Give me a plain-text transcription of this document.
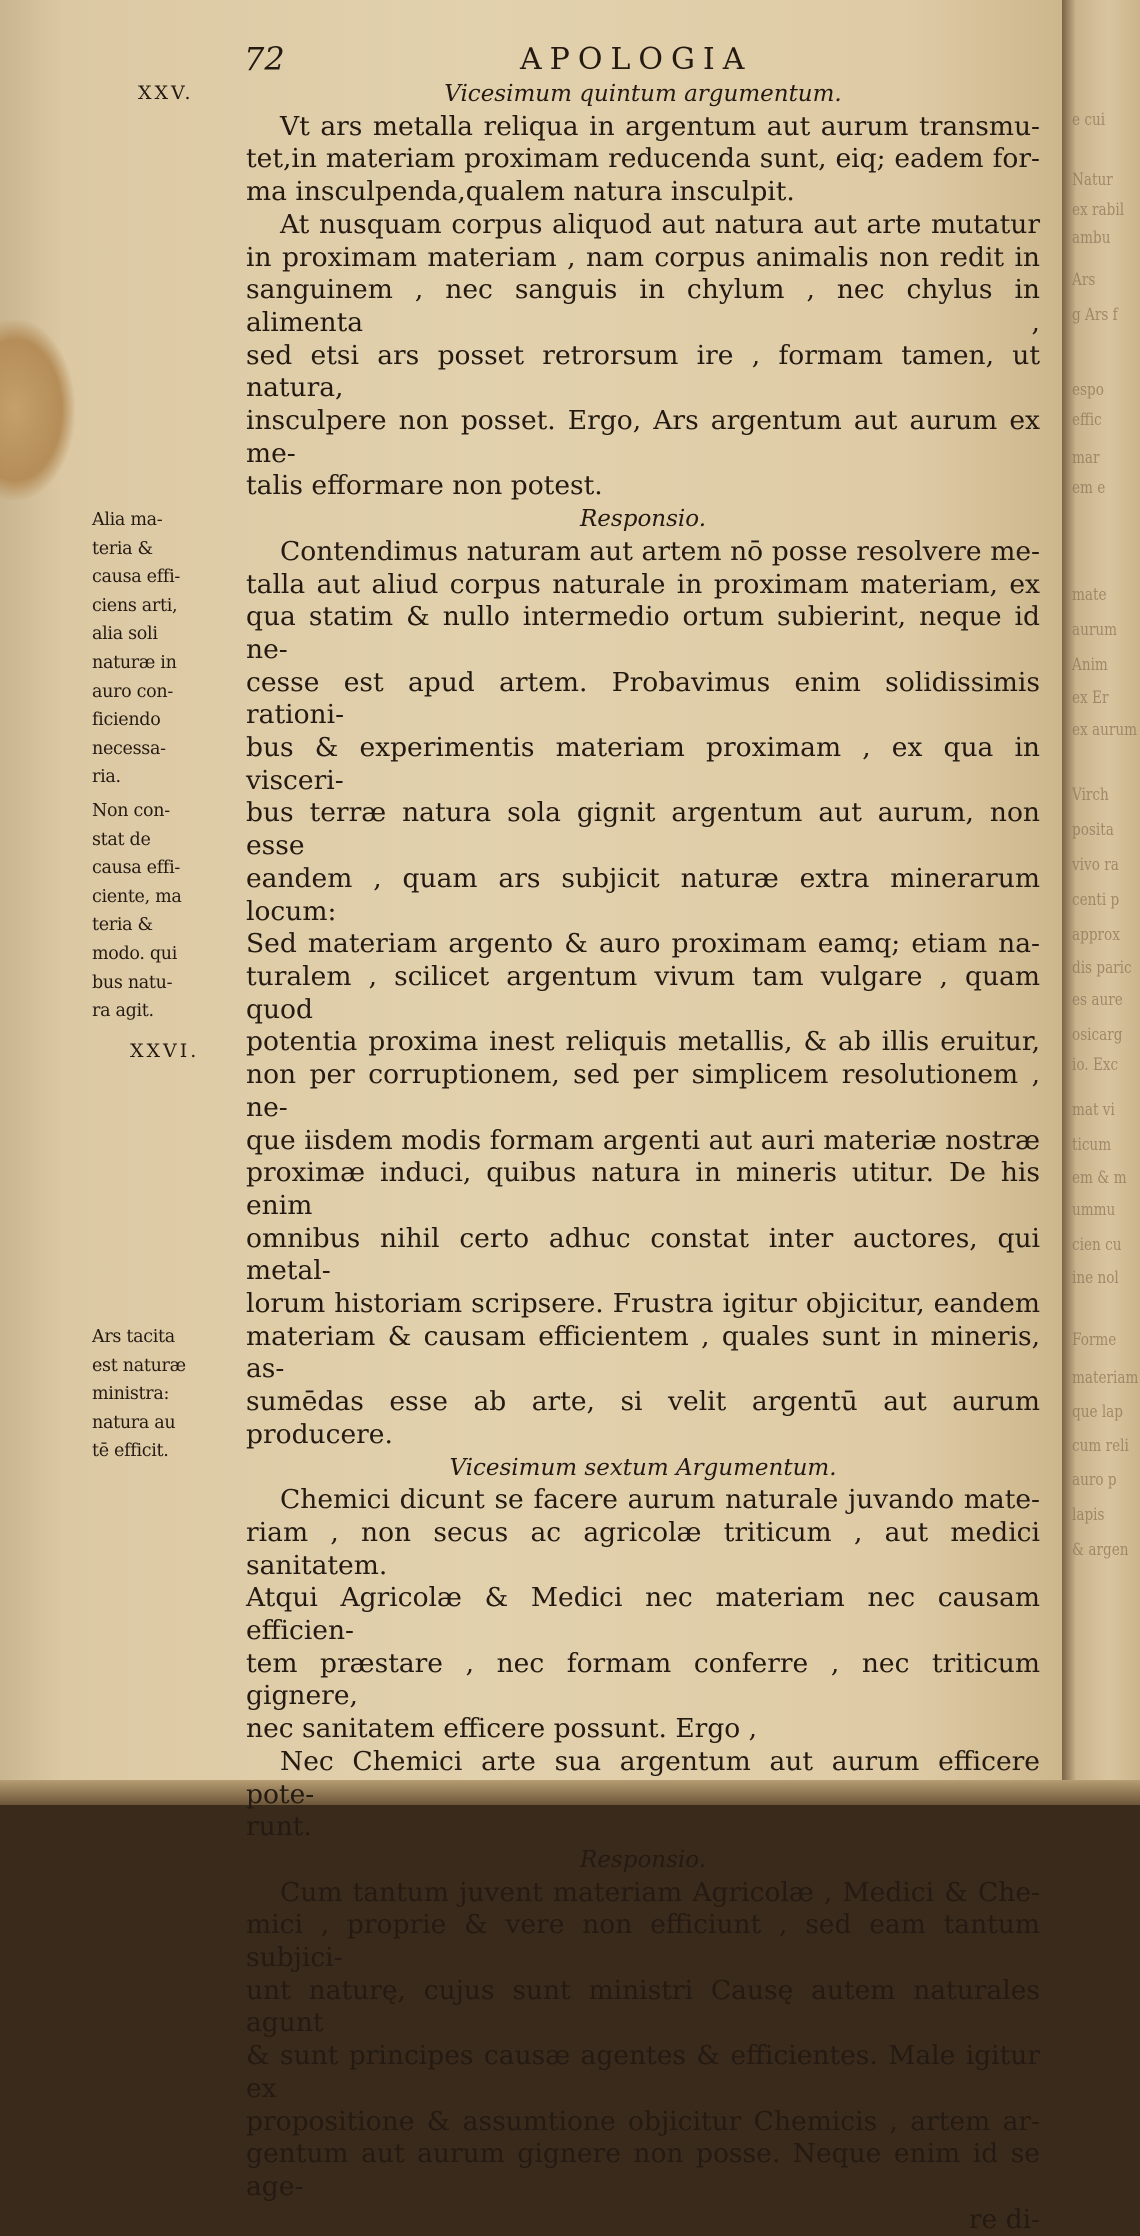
e cui
Natur
ex rabil
ambu
Ars
g Ars f
espo
effic
mar
em e
mate
aurum
Anim
ex Er
ex aurum
Virch
posita
vivo ra
centi p
approx
dis paric
es aure
osicarg
io. Exc
mat vi
ticum
em & m
ummu
cien cu
ine nol
Forme
materiam
que lap
cum reli
auro p
lapis
& argen
72	APOLOGIA
XXV.	Vicesimum quintum argumentum.

Vt ars metalla reliqua in argentum aut aurum transmu-

tet,in materiam proximam reducenda sunt, eiq; eadem for-

ma insculpenda,qualem natura insculpit.

At nusquam corpus aliquod aut natura aut arte mutatur

in proximam materiam , nam corpus animalis non redit in

sanguinem , nec sanguis in chylum , nec chylus in alimenta ,

sed etsi ars posset retrorsum ire , formam tamen, ut natura,

insculpere non posset. Ergo, Ars argentum aut aurum ex me-

talis efformare non potest.

Responsio.

Contendimus naturam aut artem nō posse resolvere me-

talla aut aliud corpus naturale in proximam materiam, ex

qua statim & nullo intermedio ortum subierint, neque id ne-

cesse est apud artem. Probavimus enim solidissimis rationi-

bus & experimentis materiam proximam , ex qua in visceri-

bus terræ natura sola gignit argentum aut aurum, non esse

eandem , quam ars subjicit naturæ extra minerarum locum:

Sed materiam argento & auro proximam eamq; etiam na-

turalem , scilicet argentum vivum tam vulgare , quam quod

potentia proxima inest reliquis metallis, & ab illis eruitur,

non per corruptionem, sed per simplicem resolutionem , ne-

que iisdem modis formam argenti aut auri materiæ nostræ

proximæ induci, quibus natura in mineris utitur. De his enim

omnibus nihil certo adhuc constat inter auctores, qui metal-

lorum historiam scripsere. Frustra igitur objicitur, eandem

materiam & causam efficientem , quales sunt in mineris, as-

sumēdas esse ab arte, si velit argentū aut aurum producere.

Vicesimum sextum Argumentum.

Chemici dicunt se facere aurum naturale juvando mate-

riam , non secus ac agricolæ triticum , aut medici sanitatem.

Atqui Agricolæ & Medici nec materiam nec causam efficien-

tem præstare , nec formam conferre , nec triticum gignere,

nec sanitatem efficere possunt. Ergo ,

Nec Chemici arte sua argentum aut aurum efficere pote-

runt.

Responsio.

Cum tantum juvent materiam Agricolæ , Medici & Che-

mici , proprie & vere non efficiunt , sed eam tantum subjici-

unt naturę, cujus sunt ministri Causę autem naturales agunt

& sunt principes causæ agentes & efficientes. Male igitur ex

propositione & assumtione objicitur Chemicis , artem ar-

gentum aut aurum gignere non posse. Neque enim id se age-

re di-

Alia ma-
teria &
causa effi-
ciens arti,
alia soli
naturæ in
auro con-
ficiendo
necessa-
ria.
Non con-
stat de
causa effi-
ciente, ma
teria &
modo. qui
bus natu-
ra agit.
Ars tacita
est naturæ
ministra:
natura au
tē efficit.
XXVI.
